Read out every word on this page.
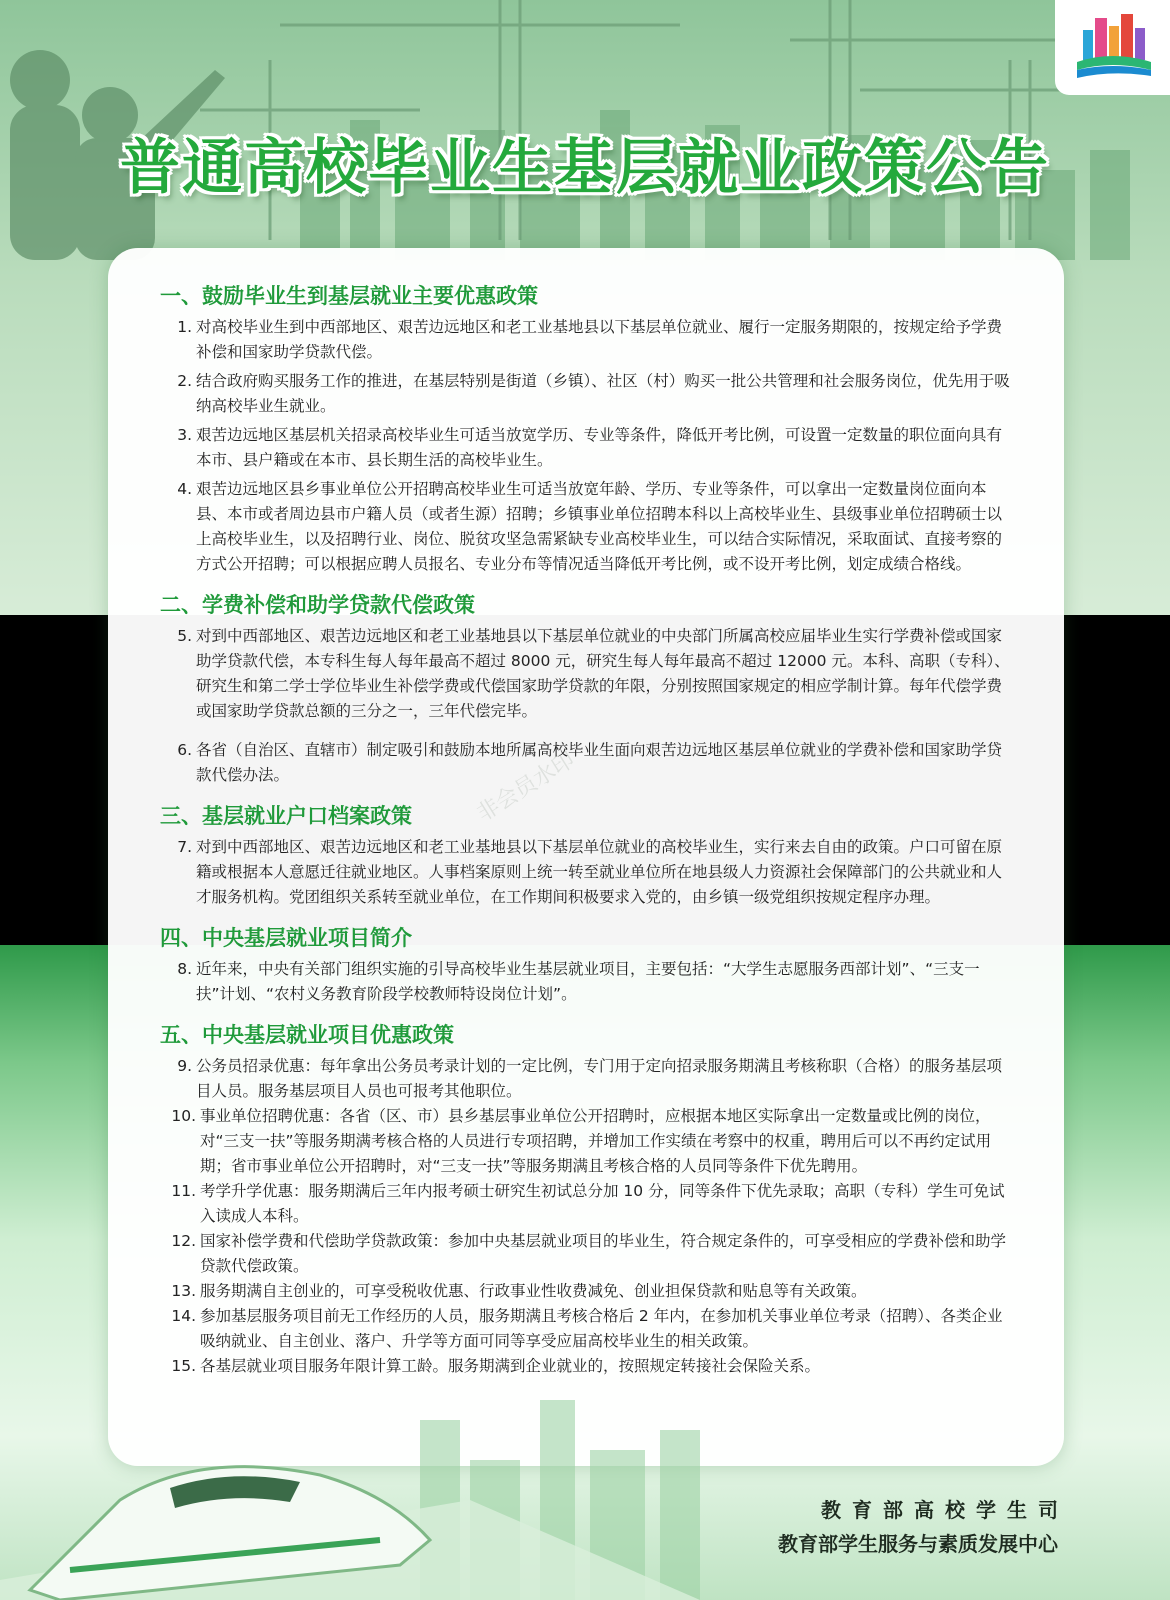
普通高校毕业生基层就业政策公告
非会员水印
一、鼓励毕业生到基层就业主要优惠政策
1. 对高校毕业生到中西部地区、艰苦边远地区和老工业基地县以下基层单位就业、履行一定服务期限的，按规定给予学费补偿和国家助学贷款代偿。
2. 结合政府购买服务工作的推进，在基层特别是街道（乡镇）、社区（村）购买一批公共管理和社会服务岗位，优先用于吸纳高校毕业生就业。
3. 艰苦边远地区基层机关招录高校毕业生可适当放宽学历、专业等条件，降低开考比例，可设置一定数量的职位面向具有本市、县户籍或在本市、县长期生活的高校毕业生。
4. 艰苦边远地区县乡事业单位公开招聘高校毕业生可适当放宽年龄、学历、专业等条件，可以拿出一定数量岗位面向本县、本市或者周边县市户籍人员（或者生源）招聘；乡镇事业单位招聘本科以上高校毕业生、县级事业单位招聘硕士以上高校毕业生，以及招聘行业、岗位、脱贫攻坚急需紧缺专业高校毕业生，可以结合实际情况，采取面试、直接考察的方式公开招聘；可以根据应聘人员报名、专业分布等情况适当降低开考比例，或不设开考比例，划定成绩合格线。
二、学费补偿和助学贷款代偿政策
5. 对到中西部地区、艰苦边远地区和老工业基地县以下基层单位就业的中央部门所属高校应届毕业生实行学费补偿或国家助学贷款代偿，本专科生每人每年最高不超过 8000 元，研究生每人每年最高不超过 12000 元。本科、高职（专科）、研究生和第二学士学位毕业生补偿学费或代偿国家助学贷款的年限，分别按照国家规定的相应学制计算。每年代偿学费或国家助学贷款总额的三分之一，三年代偿完毕。
6. 各省（自治区、直辖市）制定吸引和鼓励本地所属高校毕业生面向艰苦边远地区基层单位就业的学费补偿和国家助学贷款代偿办法。
三、基层就业户口档案政策
7. 对到中西部地区、艰苦边远地区和老工业基地县以下基层单位就业的高校毕业生，实行来去自由的政策。户口可留在原籍或根据本人意愿迁往就业地区。人事档案原则上统一转至就业单位所在地县级人力资源社会保障部门的公共就业和人才服务机构。党团组织关系转至就业单位，在工作期间积极要求入党的，由乡镇一级党组织按规定程序办理。
四、中央基层就业项目简介
8. 近年来，中央有关部门组织实施的引导高校毕业生基层就业项目，主要包括：“大学生志愿服务西部计划”、“三支一扶”计划、“农村义务教育阶段学校教师特设岗位计划”。
五、中央基层就业项目优惠政策
9. 公务员招录优惠：每年拿出公务员考录计划的一定比例，专门用于定向招录服务期满且考核称职（合格）的服务基层项目人员。服务基层项目人员也可报考其他职位。
10. 事业单位招聘优惠：各省（区、市）县乡基层事业单位公开招聘时，应根据本地区实际拿出一定数量或比例的岗位，对“三支一扶”等服务期满考核合格的人员进行专项招聘，并增加工作实绩在考察中的权重，聘用后可以不再约定试用期；省市事业单位公开招聘时，对“三支一扶”等服务期满且考核合格的人员同等条件下优先聘用。
11. 考学升学优惠：服务期满后三年内报考硕士研究生初试总分加 10 分，同等条件下优先录取；高职（专科）学生可免试入读成人本科。
12. 国家补偿学费和代偿助学贷款政策：参加中央基层就业项目的毕业生，符合规定条件的，可享受相应的学费补偿和助学贷款代偿政策。
13. 服务期满自主创业的，可享受税收优惠、行政事业性收费减免、创业担保贷款和贴息等有关政策。
14. 参加基层服务项目前无工作经历的人员，服务期满且考核合格后 2 年内，在参加机关事业单位考录（招聘）、各类企业吸纳就业、自主创业、落户、升学等方面可同等享受应届高校毕业生的相关政策。
15. 各基层就业项目服务年限计算工龄。服务期满到企业就业的，按照规定转接社会保险关系。
教育部高校学生司
教育部学生服务与素质发展中心
